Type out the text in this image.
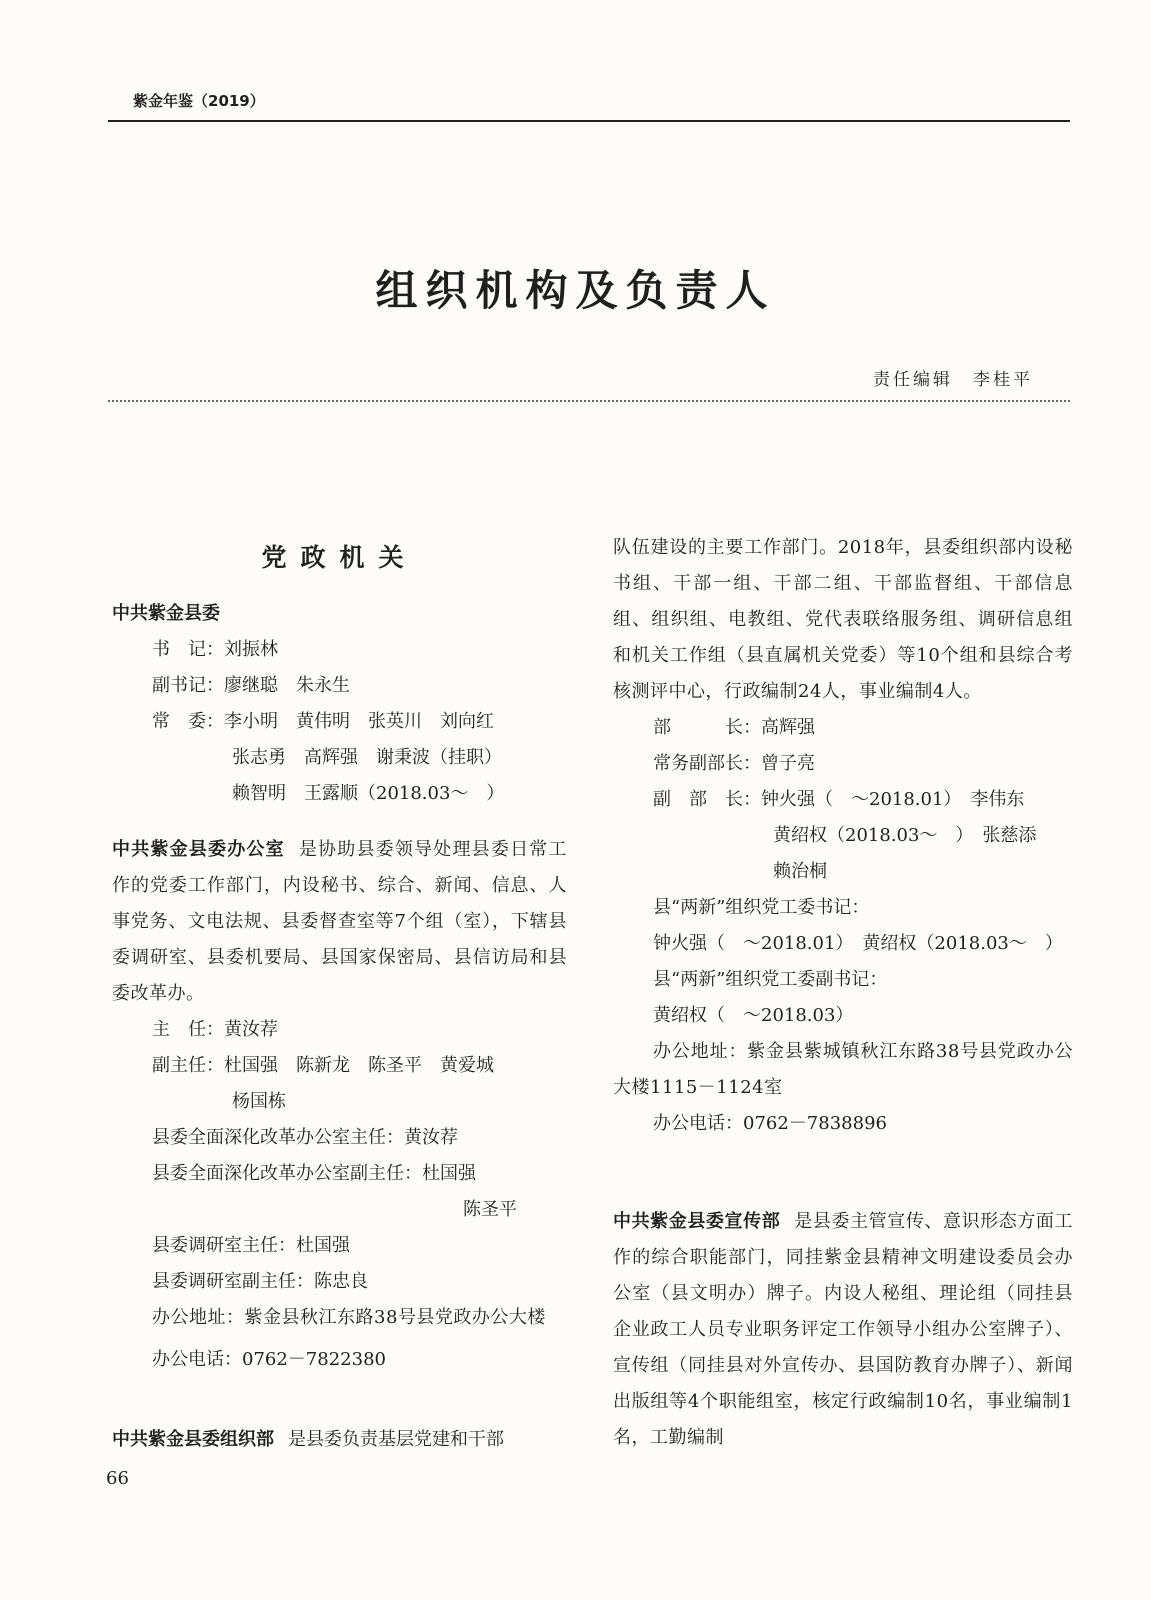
紫金年鉴（2019）
组织机构及负责人
责任编辑　李桂平
党政机关
中共紫金县委
书　记：刘振林
副书记：廖继聪　朱永生
常　委：李小明　黄伟明　张英川　刘向红
张志勇　高辉强　谢秉波（挂职）
赖智明　王露顺（2018.03～　）
中共紫金县委办公室 是协助县委领导处理县委日常工作的党委工作部门，内设秘书、综合、新闻、信息、人事党务、文电法规、县委督查室等7个组（室），下辖县委调研室、县委机要局、县国家保密局、县信访局和县委改革办。
主　任：黄汝荐
副主任：杜国强　陈新龙　陈圣平　黄爱城
杨国栋
县委全面深化改革办公室主任：黄汝荐
县委全面深化改革办公室副主任：杜国强
陈圣平
县委调研室主任：杜国强
县委调研室副主任：陈忠良
办公地址：紫金县秋江东路38号县党政办公大楼
办公电话：0762－7822380
中共紫金县委组织部 是县委负责基层党建和干部
队伍建设的主要工作部门。2018年，县委组织部内设秘书组、干部一组、干部二组、干部监督组、干部信息组、组织组、电教组、党代表联络服务组、调研信息组和机关工作组（县直属机关党委）等10个组和县综合考核测评中心，行政编制24人，事业编制4人。
部　　　长：高辉强
常务副部长：曾子亮
副　部　长：钟火强（　～2018.01）　李伟东
黄绍权（2018.03～　）　张慈添
赖治桐
县“两新”组织党工委书记：
钟火强（　～2018.01）　黄绍权（2018.03～　）
县“两新”组织党工委副书记：
黄绍权（　～2018.03）
办公地址：紫金县紫城镇秋江东路38号县党政办公大楼1115－1124室
办公电话：0762－7838896
中共紫金县委宣传部 是县委主管宣传、意识形态方面工作的综合职能部门，同挂紫金县精神文明建设委员会办公室（县文明办）牌子。内设人秘组、理论组（同挂县企业政工人员专业职务评定工作领导小组办公室牌子）、宣传组（同挂县对外宣传办、县国防教育办牌子）、新闻出版组等4个职能组室，核定行政编制10名，事业编制1名，工勤编制
66
